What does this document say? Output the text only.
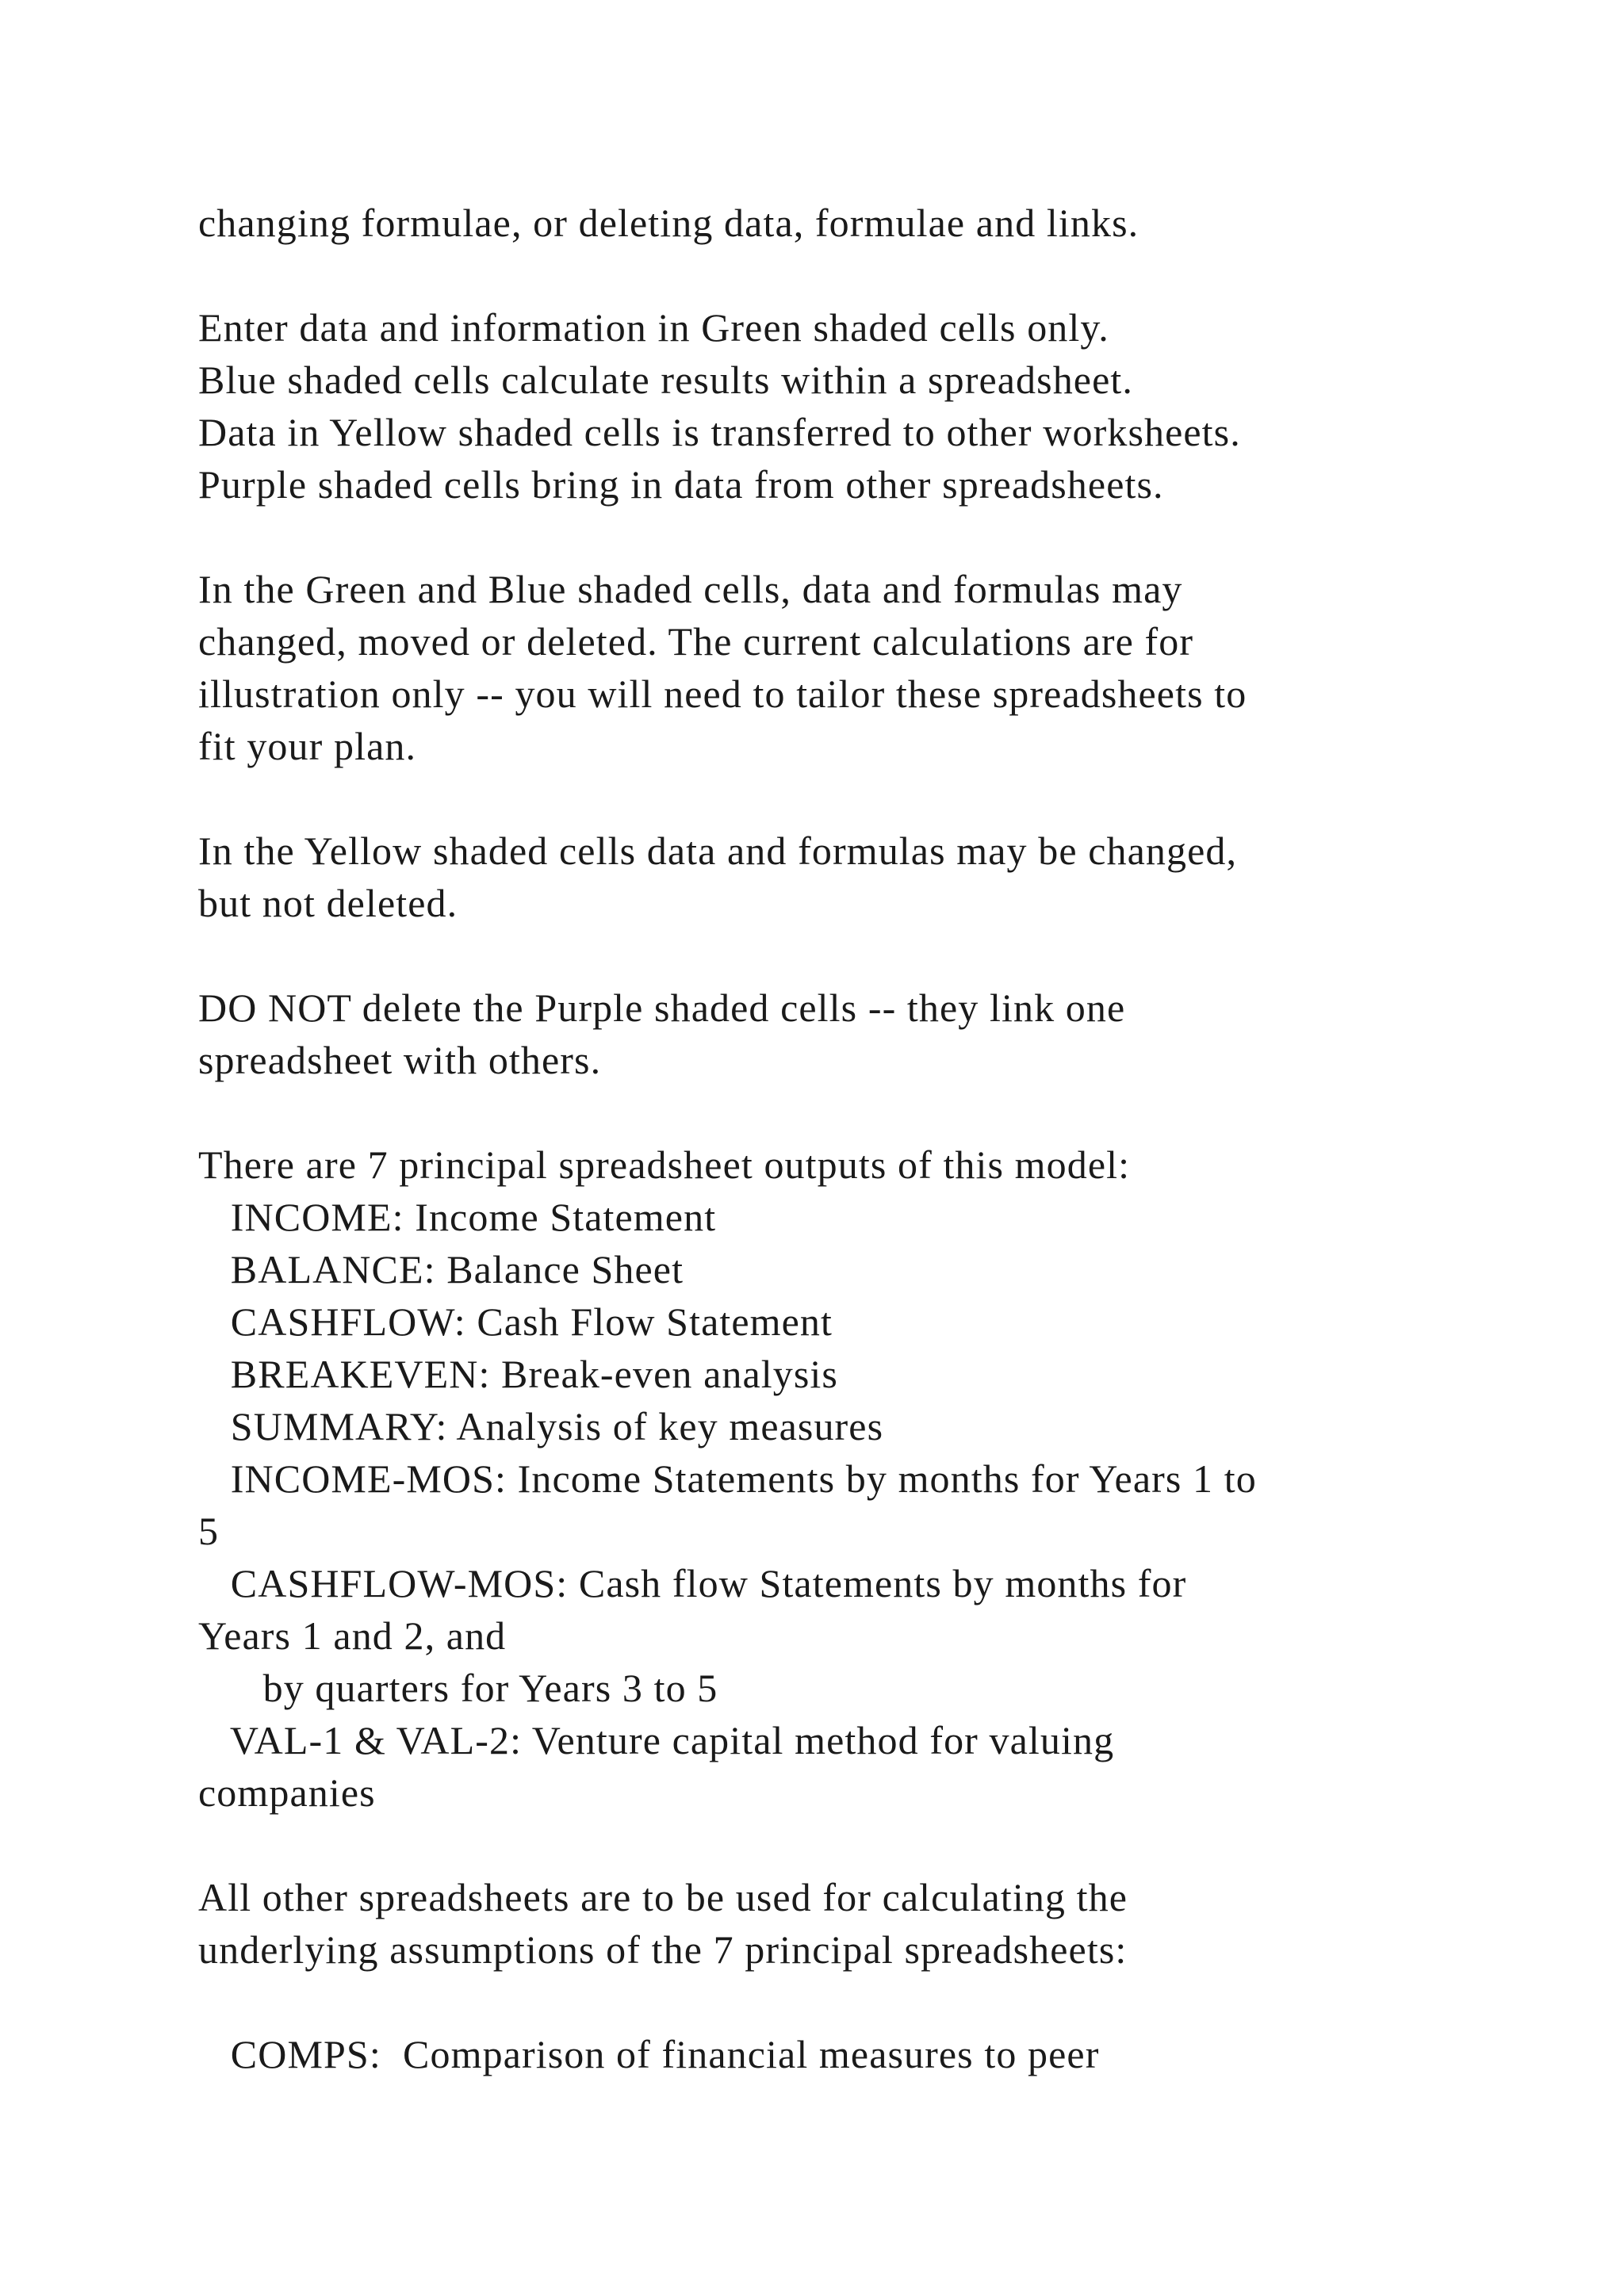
changing formulae, or deleting data, formulae and links.
Enter data and information in Green shaded cells only.
Blue shaded cells calculate results within a spreadsheet.
Data in Yellow shaded cells is transferred to other worksheets.
Purple shaded cells bring in data from other spreadsheets.
In the Green and Blue shaded cells, data and formulas may
changed, moved or deleted. The current calculations are for
illustration only -- you will need to tailor these spreadsheets to
fit your plan.
In the Yellow shaded cells data and formulas may be changed,
but not deleted.
DO NOT delete the Purple shaded cells -- they link one
spreadsheet with others.
There are 7 principal spreadsheet outputs of this model:
INCOME: Income Statement
BALANCE: Balance Sheet
CASHFLOW: Cash Flow Statement
BREAKEVEN: Break-even analysis
SUMMARY: Analysis of key measures
INCOME-MOS: Income Statements by months for Years 1 to
5
CASHFLOW-MOS: Cash flow Statements by months for
Years 1 and 2, and
by quarters for Years 3 to 5
VAL-1 & VAL-2: Venture capital method for valuing
companies
All other spreadsheets are to be used for calculating the
underlying assumptions of the 7 principal spreadsheets:
COMPS:  Comparison of financial measures to peer
